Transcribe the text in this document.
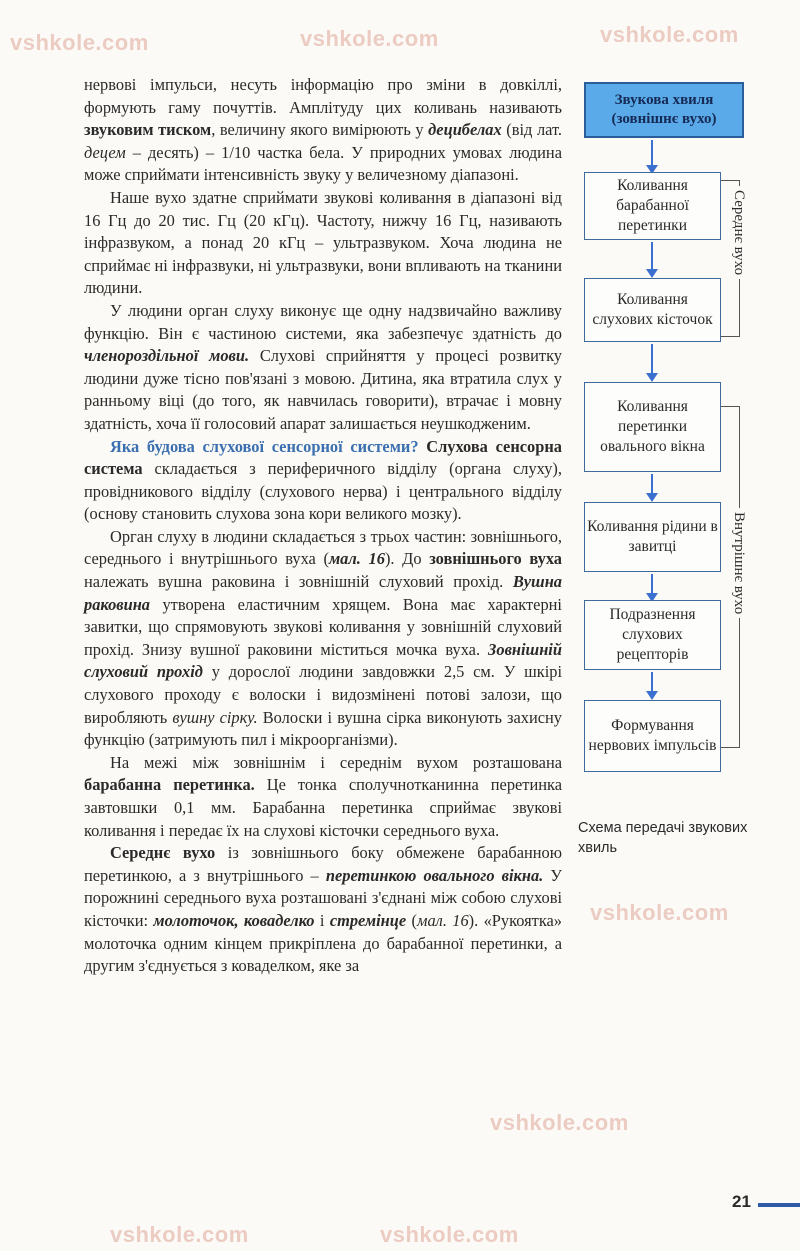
vshkole.com	vshkole.com	vshkole.com
vshkole.com
vshkole.com
vshkole.com	vshkole.com

нервові імпульси, несуть інформацію про зміни в довкіллі, формують гаму почуттів. Амплітуду цих коливань називають звуковим тиском, величину якого вимірюють у децибелах (від лат. децем – десять) – 1/10 частка бела. У природних умовах людина може сприймати інтенсивність звуку у величезному діапазоні.

Наше вухо здатне сприймати звукові коливання в діапазоні від 16 Гц до 20 тис. Гц (20 кГц). Частоту, нижчу 16 Гц, називають інфразвуком, а понад 20 кГц – ультразвуком. Хоча людина не сприймає ні інфразвуки, ні ультразвуки, вони впливають на тканини людини.

У людини орган слуху виконує ще одну надзвичайно важливу функцію. Він є частиною системи, яка забезпечує здатність до членороздільної мови. Слухові сприйняття у процесі розвитку людини дуже тісно пов'язані з мовою. Дитина, яка втратила слух у ранньому віці (до того, як навчилась говорити), втрачає і мовну здатність, хоча її голосовий апарат залишається неушкодженим.

Яка будова слухової сенсорної системи? Слухова сенсорна система складається з периферичного відділу (органа слуху), провідникового відділу (слухового нерва) і центрального відділу (основу становить слухова зона кори великого мозку).

Орган слуху в людини складається з трьох частин: зовнішнього, середнього і внутрішнього вуха (мал. 16). До зовнішнього вуха належать вушна раковина і зовнішній слуховий прохід. Вушна раковина утворена еластичним хрящем. Вона має характерні завитки, що спрямовують звукові коливання у зовнішній слуховий прохід. Знизу вушної раковини міститься мочка вуха. Зовнішній слуховий прохід у дорослої людини завдовжки 2,5 см. У шкірі слухового проходу є волоски і видозмінені потові залози, що виробляють вушну сірку. Волоски і вушна сірка виконують захисну функцію (затримують пил і мікроорганізми).

На межі між зовнішнім і середнім вухом розташована барабанна перетинка. Це тонка сполучнотканинна перетинка завтовшки 0,1 мм. Барабанна перетинка сприймає звукові коливання і передає їх на слухові кісточки середнього вуха.

Середнє вухо із зовнішнього боку обмежене барабанною перетинкою, а з внутрішнього – перетинкою овального вікна. У порожнині середнього вуха розташовані з'єднані між собою слухові кісточки: молоточок, коваделко і стремінце (мал. 16). «Рукоятка» молоточка одним кінцем прикріплена до барабанної перетинки, а другим з'єднується з коваделком, яке за

Звукова хвиля (зовнішнє вухо)
Коливання барабанної перетинки
Коливання слухових кісточок
Коливання перетинки овального вікна
Коливання рідини в завитці
Подразнення слухових рецепторів
Формування нервових імпульсів
Середнє вухо
Внутрішнє вухо
Схема передачі звукових хвиль
21
